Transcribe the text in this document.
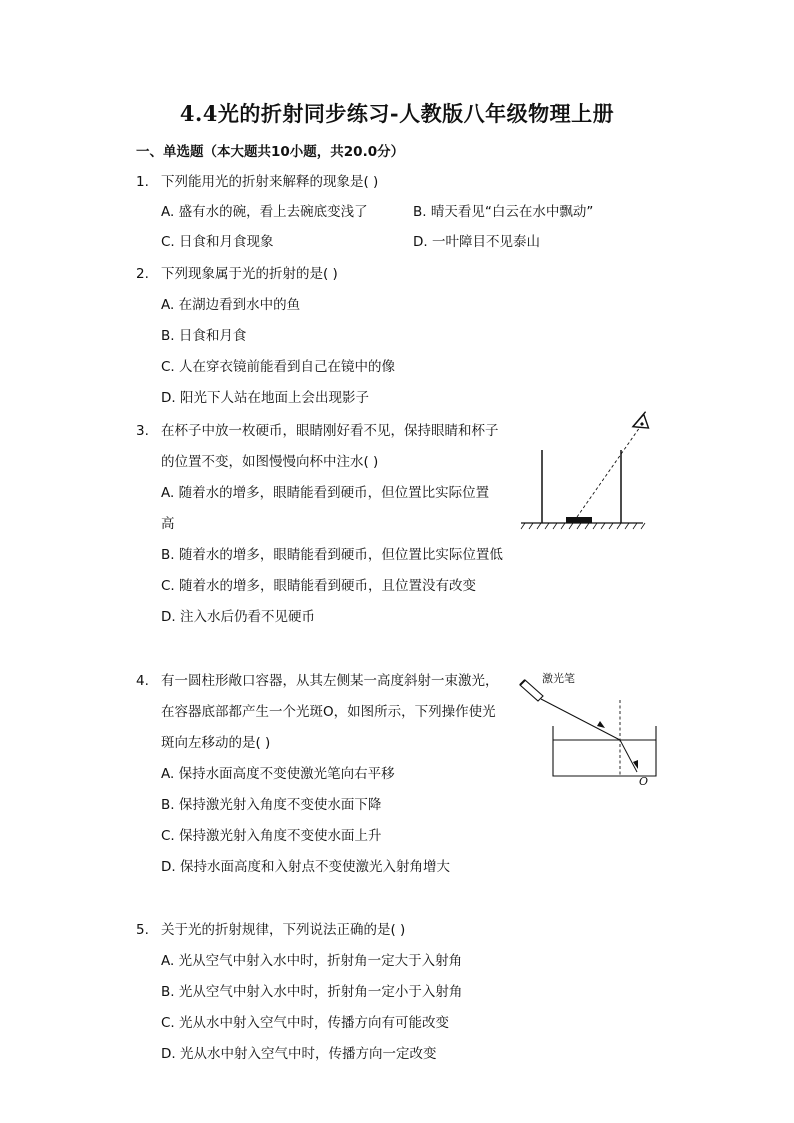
4.4光的折射同步练习-人教版八年级物理上册
一、单选题（本大题共10小题，共20.0分）
1. 下列能用光的折射来解释的现象是( )
A. 盛有水的碗，看上去碗底变浅了	B. 晴天看见“白云在水中飘动”
C. 日食和月食现象	D. 一叶障目不见泰山
2. 下列现象属于光的折射的是( )
A. 在湖边看到水中的鱼
B. 日食和月食
C. 人在穿衣镜前能看到自己在镜中的像
D. 阳光下人站在地面上会出现影子
3. 在杯子中放一枚硬币，眼睛刚好看不见，保持眼睛和杯子
的位置不变，如图慢慢向杯中注水( )
A. 随着水的增多，眼睛能看到硬币，但位置比实际位置
高
B. 随着水的增多，眼睛能看到硬币，但位置比实际位置低
C. 随着水的增多，眼睛能看到硬币，且位置没有改变
D. 注入水后仍看不见硬币
4. 有一圆柱形敞口容器，从其左侧某一高度斜射一束激光，
在容器底部都产生一个光斑O，如图所示，下列操作使光
斑向左移动的是( )
A. 保持水面高度不变使激光笔向右平移
B. 保持激光射入角度不变使水面下降
C. 保持激光射入角度不变使水面上升
D. 保持水面高度和入射点不变使激光入射角增大
激光笔
O
5. 关于光的折射规律，下列说法正确的是( )
A. 光从空气中射入水中时，折射角一定大于入射角
B. 光从空气中射入水中时，折射角一定小于入射角
C. 光从水中射入空气中时，传播方向有可能改变
D. 光从水中射入空气中时，传播方向一定改变
